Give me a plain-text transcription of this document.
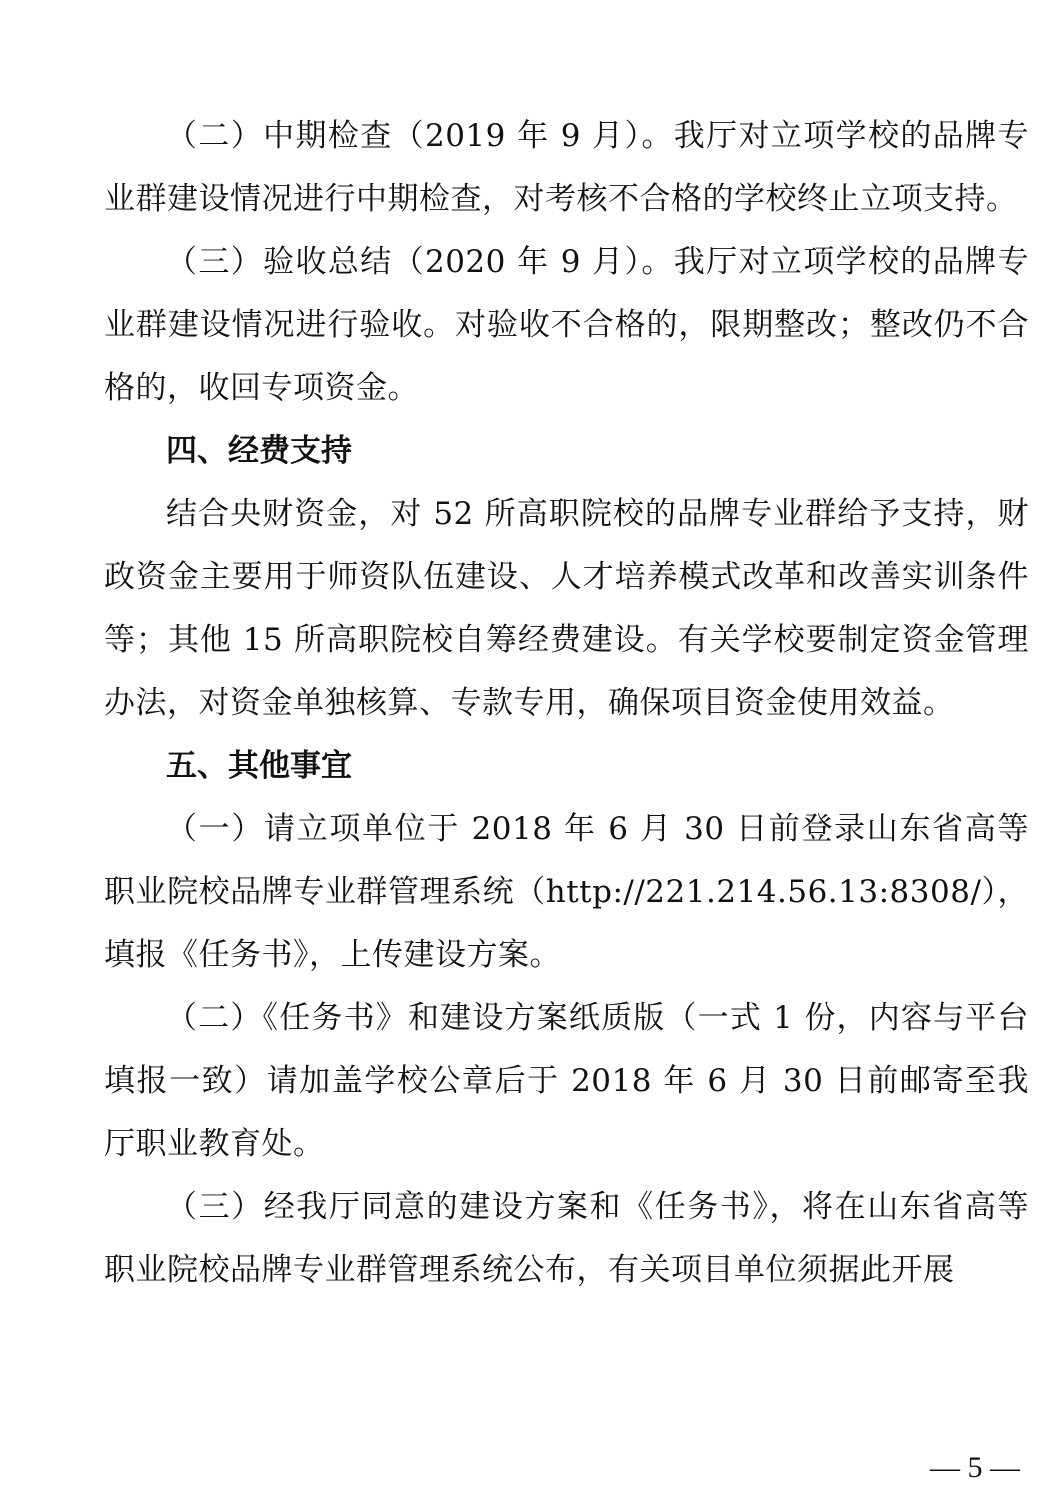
（二）中期检查（2019 年 9 月）。我厅对立项学校的品牌专业群建设情况进行中期检查，对考核不合格的学校终止立项支持。

（三）验收总结（2020 年 9 月）。我厅对立项学校的品牌专业群建设情况进行验收。对验收不合格的，限期整改；整改仍不合格的，收回专项资金。

四、经费支持

结合央财资金，对 52 所高职院校的品牌专业群给予支持，财政资金主要用于师资队伍建设、人才培养模式改革和改善实训条件等；其他 15 所高职院校自筹经费建设。有关学校要制定资金管理办法，对资金单独核算、专款专用，确保项目资金使用效益。

五、其他事宜

（一）请立项单位于 2018 年 6 月 30 日前登录山东省高等职业院校品牌专业群管理系统（http://221.214.56.13:8308/），填报《任务书》，上传建设方案。

（二）《任务书》和建设方案纸质版（一式 1 份，内容与平台填报一致）请加盖学校公章后于 2018 年 6 月 30 日前邮寄至我厅职业教育处。

（三）经我厅同意的建设方案和《任务书》，将在山东省高等职业院校品牌专业群管理系统公布，有关项目单位须据此开展

— 5 —
